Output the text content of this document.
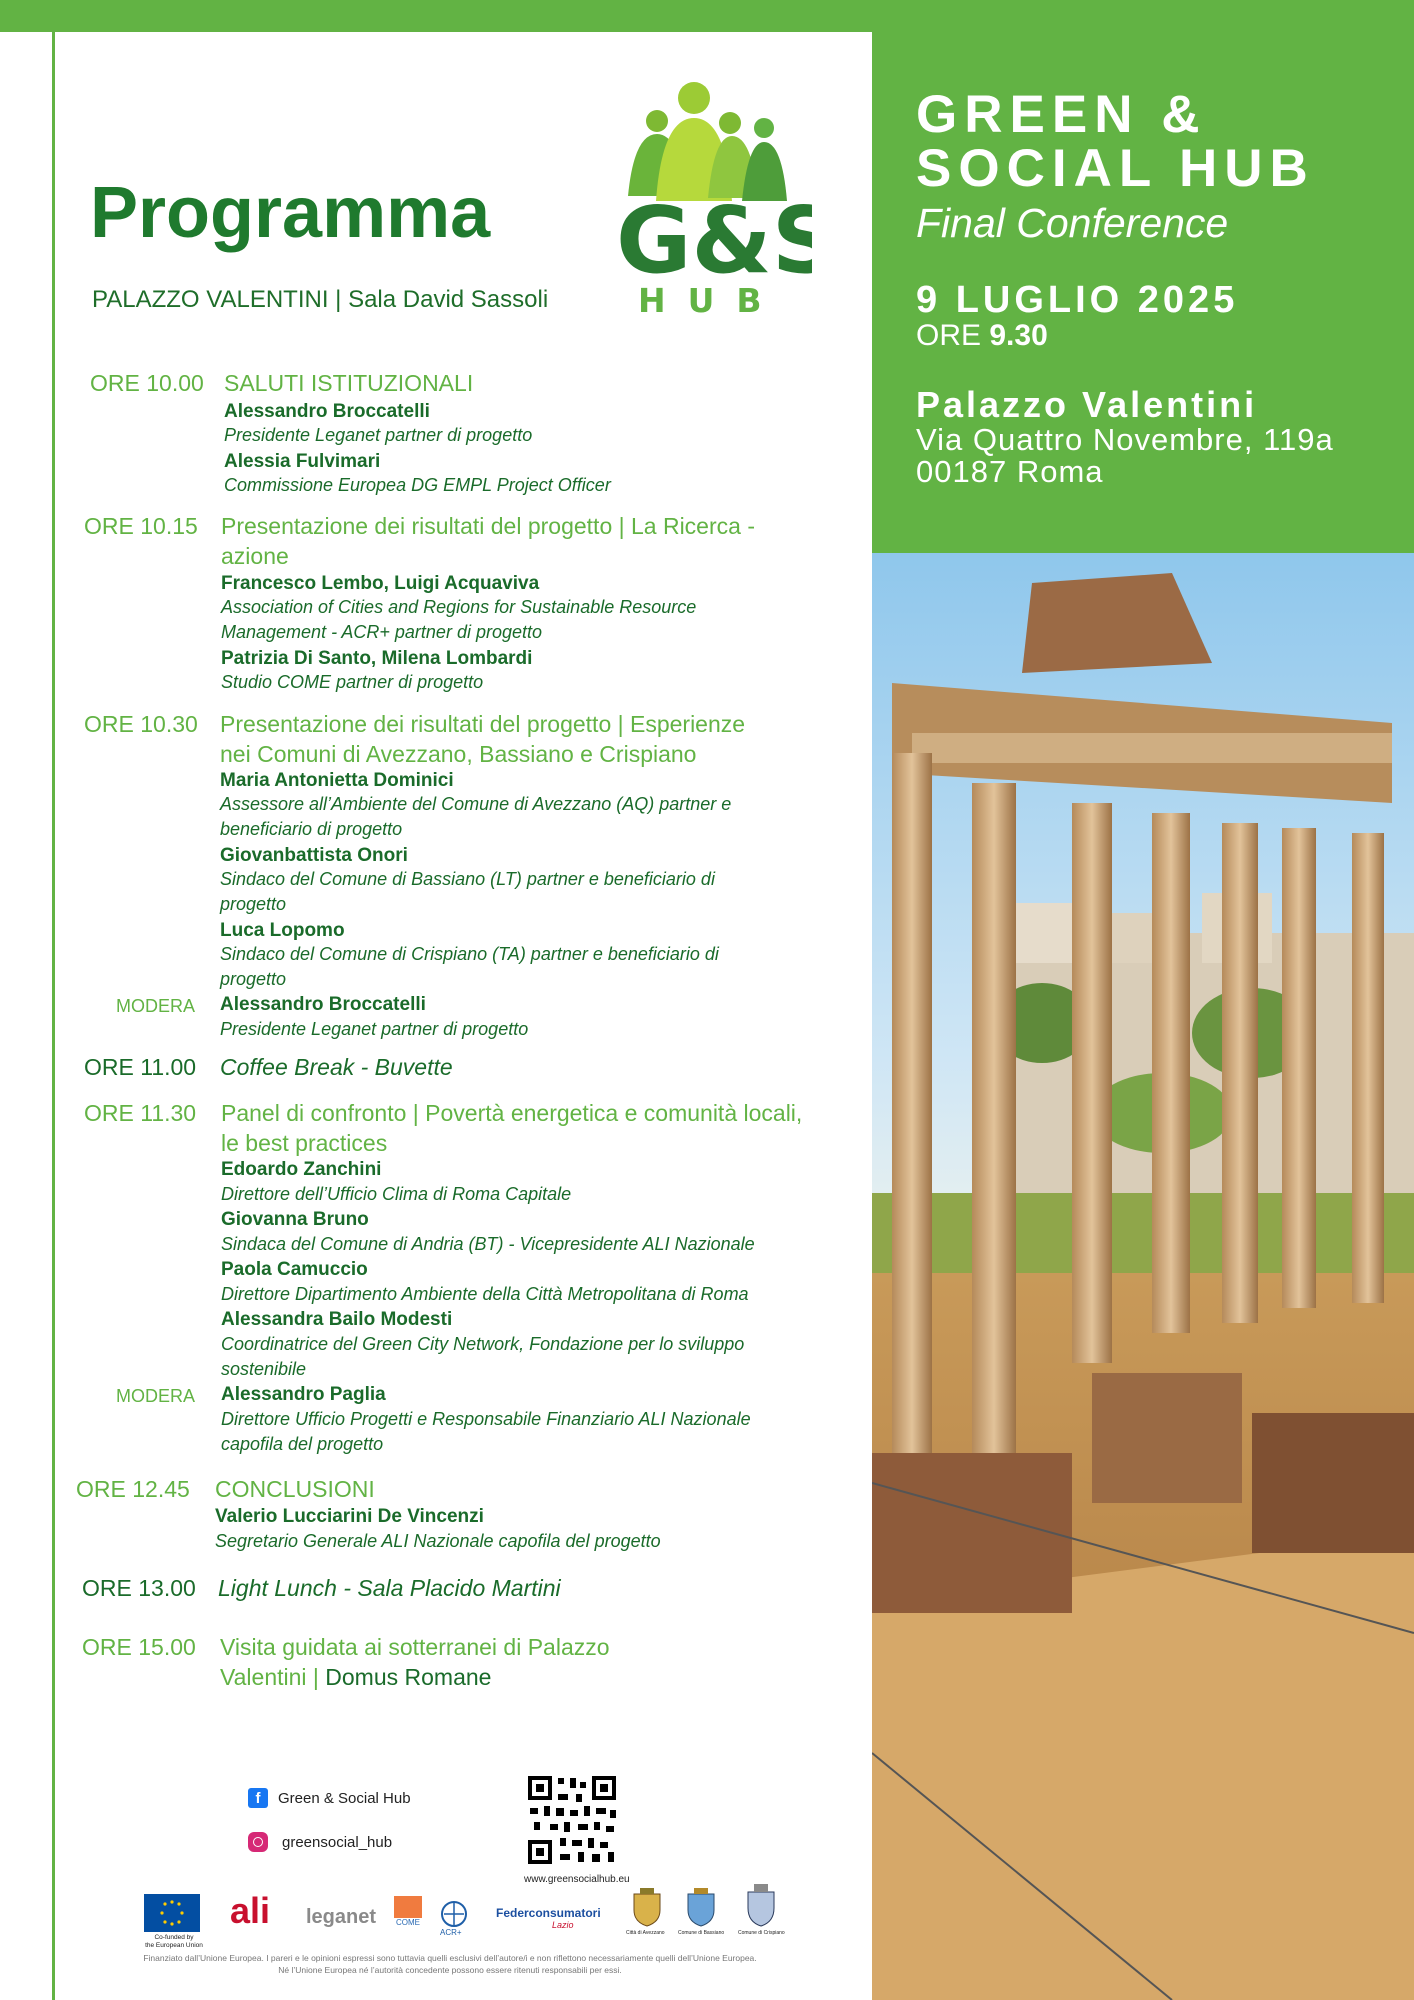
GREEN &
SOCIAL HUB
Final Conference
9 LUGLIO 2025
ORE 9.30
Palazzo Valentini
Via Quattro Novembre, 119a
00187 Roma
Programma
PALAZZO VALENTINI | Sala David Sassoli
G&S
HUB
ORE 10.00 SALUTI ISTITUZIONALI
Alessandro Broccatelli
Presidente Leganet partner di progetto
Alessia Fulvimari
Commissione Europea DG EMPL Project Officer
ORE 10.15 Presentazione dei risultati del progetto | La Ricerca -
azione
Francesco Lembo, Luigi Acquaviva
Association of Cities and Regions for Sustainable Resource
Management - ACR+ partner di progetto
Patrizia Di Santo, Milena Lombardi
Studio COME partner di progetto
ORE 10.30 Presentazione dei risultati del progetto | Esperienze
nei Comuni di Avezzano, Bassiano e Crispiano
Maria Antonietta Dominici
Assessore all’Ambiente del Comune di Avezzano (AQ) partner e
beneficiario di progetto
Giovanbattista Onori
Sindaco del Comune di Bassiano (LT) partner e beneficiario di
progetto
Luca Lopomo
Sindaco del Comune di Crispiano (TA) partner e beneficiario di
progetto
MODERA Alessandro Broccatelli
Presidente Leganet partner di progetto
ORE 11.00 Coffee Break - Buvette
ORE 11.30 Panel di confronto | Povertà energetica e comunità locali,
le best practices
Edoardo Zanchini
Direttore dell’Ufficio Clima di Roma Capitale
Giovanna Bruno
Sindaca del Comune di Andria (BT) - Vicepresidente ALI Nazionale
Paola Camuccio
Direttore Dipartimento Ambiente della Città Metropolitana di Roma
Alessandra Bailo Modesti
Coordinatrice del Green City Network, Fondazione per lo sviluppo
sostenibile
MODERA Alessandro Paglia
Direttore Ufficio Progetti e Responsabile Finanziario ALI Nazionale
capofila del progetto
ORE 12.45 CONCLUSIONI
Valerio Lucciarini De Vincenzi
Segretario Generale ALI Nazionale capofila del progetto
ORE 13.00 Light Lunch - Sala Placido Martini
ORE 15.00 Visita guidata ai sotterranei di Palazzo
Valentini | Domus Romane
f	Green & Social Hub
greensocial_hub
www.greensocialhub.eu
Co-funded by
the European Union
ali leganet COME
ACR+
Federconsumatori
Lazio
Città di Avezzano	Comune di Bassiano	Comune di Crispiano
Finanziato dall’Unione Europea. I pareri e le opinioni espressi sono tuttavia quelli esclusivi dell’autore/i e non riflettono necessariamente quelli dell’Unione Europea.
Né l’Unione Europea né l’autorità concedente possono essere ritenuti responsabili per essi.
